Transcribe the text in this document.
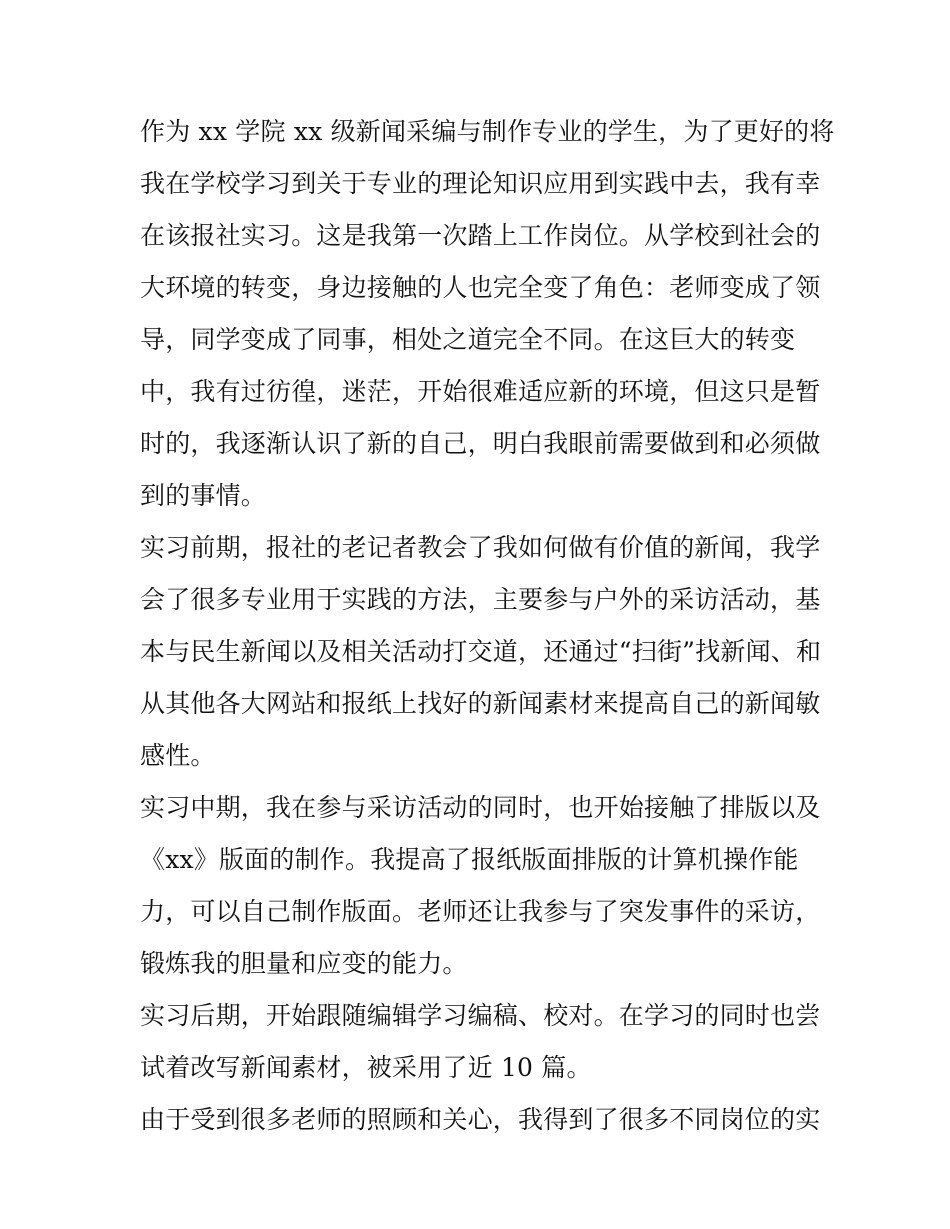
作为 xx 学院 xx 级新闻采编与制作专业的学生，为了更好的将
我在学校学习到关于专业的理论知识应用到实践中去，我有幸
在该报社实习。这是我第一次踏上工作岗位。从学校到社会的
大环境的转变，身边接触的人也完全变了角色：老师变成了领
导，同学变成了同事，相处之道完全不同。在这巨大的转变
中，我有过彷徨，迷茫，开始很难适应新的环境，但这只是暂
时的，我逐渐认识了新的自己，明白我眼前需要做到和必须做
到的事情。
实习前期，报社的老记者教会了我如何做有价值的新闻，我学
会了很多专业用于实践的方法，主要参与户外的采访活动，基
本与民生新闻以及相关活动打交道，还通过“扫街”找新闻、和
从其他各大网站和报纸上找好的新闻素材来提高自己的新闻敏
感性。
实习中期，我在参与采访活动的同时，也开始接触了排版以及
《xx》版面的制作。我提高了报纸版面排版的计算机操作能
力，可以自己制作版面。老师还让我参与了突发事件的采访，
锻炼我的胆量和应变的能力。
实习后期，开始跟随编辑学习编稿、校对。在学习的同时也尝
试着改写新闻素材，被采用了近 10 篇。
由于受到很多老师的照顾和关心，我得到了很多不同岗位的实
